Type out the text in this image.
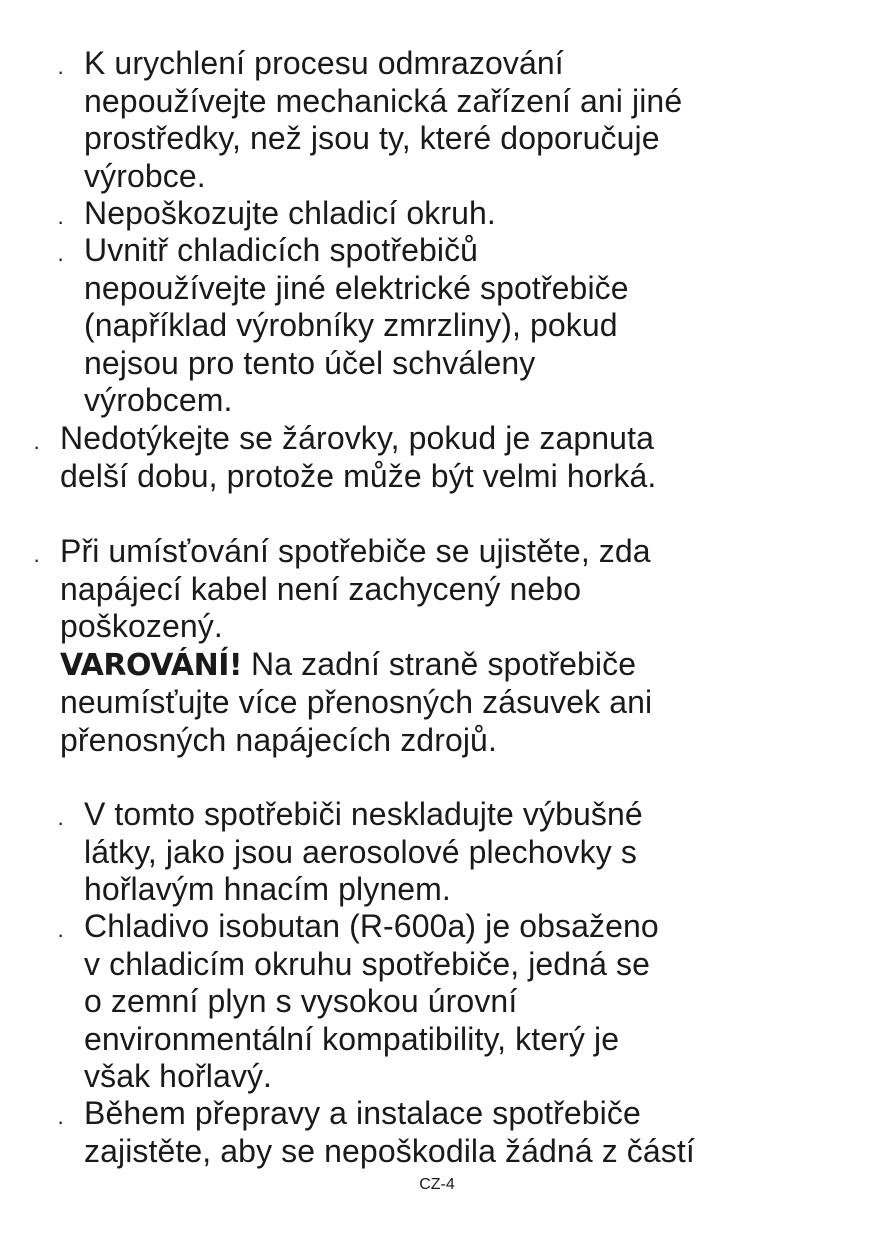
· K urychlení procesu odmrazování
nepoužívejte mechanická zařízení ani jiné
prostředky, než jsou ty, které doporučuje
výrobce.
· Nepoškozujte chladicí okruh.
· Uvnitř chladicích spotřebičů
nepoužívejte jiné elektrické spotřebiče
(například výrobníky zmrzliny), pokud
nejsou pro tento účel schváleny
výrobcem.
· Nedotýkejte se žárovky, pokud je zapnuta
delší dobu, protože může být velmi horká.
· Při umísťování spotřebiče se ujistěte, zda
napájecí kabel není zachycený nebo
poškozený.
VAROVÁNÍ! Na zadní straně spotřebiče
neumísťujte více přenosných zásuvek ani
přenosných napájecích zdrojů.
· V tomto spotřebiči neskladujte výbušné
látky, jako jsou aerosolové plechovky s
hořlavým hnacím plynem.
· Chladivo isobutan (R-600a) je obsaženo
v chladicím okruhu spotřebiče, jedná se
o zemní plyn s vysokou úrovní
environmentální kompatibility, který je
však hořlavý.
· Během přepravy a instalace spotřebiče
zajistěte, aby se nepoškodila žádná z částí
CZ-4
